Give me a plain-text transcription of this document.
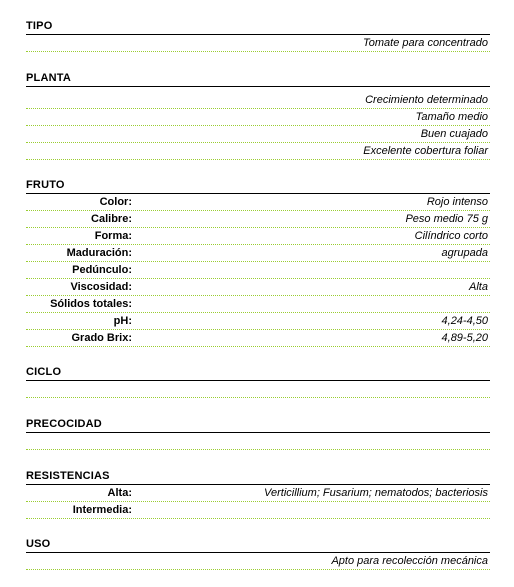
TIPO
Tomate para concentrado
PLANTA
Crecimiento determinado
Tamaño medio
Buen cuajado
Excelente cobertura foliar
FRUTO
Color:	Rojo intenso
Calibre:	Peso medio 75 g
Forma:	Cilíndrico corto
Maduración:	agrupada
Pedúnculo:
Viscosidad:	Alta
Sólidos totales:
pH:	4,24-4,50
Grado Brix:	4,89-5,20
CICLO
PRECOCIDAD
RESISTENCIAS
Alta:	Verticillium; Fusarium; nematodos; bacteriosis
Intermedia:
USO
Apto para recolección mecánica
